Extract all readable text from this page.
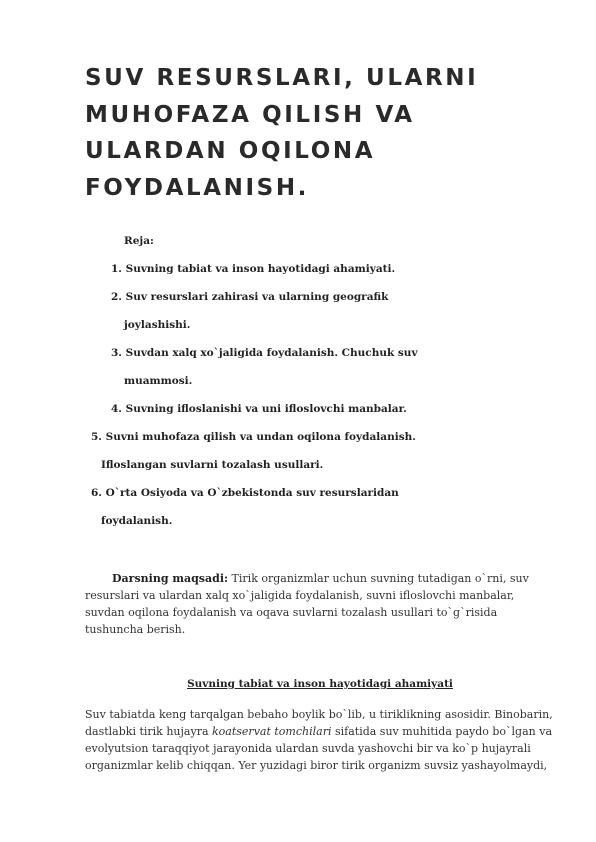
SUV RESURSLARI, ULARNI
MUHOFAZA QILISH VA
ULARDAN OQILONA
FOYDALANISH.
Reja:
1. Suvning tabiat va inson hayotidagi ahamiyati.
2. Suv resurslari zahirasi va ularning geografik
joylashishi.
3. Suvdan xalq xo`jaligida foydalanish. Chuchuk suv
muammosi.
4. Suvning ifloslanishi va uni ifloslovchi manbalar.
5. Suvni muhofaza qilish va undan oqilona foydalanish.
Ifloslangan suvlarni tozalash usullari.
6. O`rta Osiyoda va O`zbekistonda suv resurslaridan
foydalanish.
Darsning maqsadi: Tirik organizmlar uchun suvning tutadigan o`rni, suv resurslari va ulardan xalq xo`jaligida foydalanish, suvni ifloslovchi manbalar, suvdan oqilona foydalanish va oqava suvlarni tozalash usullari to`g`risida tushuncha berish.
Suvning tabiat va inson hayotidagi ahamiyati
Suv tabiatda keng tarqalgan bebaho boylik bo`lib, u tiriklikning asosidir. Binobarin, dastlabki tirik hujayra koatservat tomchilari sifatida suv muhitida paydo bo`lgan va evolyutsion taraqqiyot jarayonida ulardan suvda yashovchi bir va ko`p hujayrali organizmlar kelib chiqqan. Yer yuzidagi biror tirik organizm suvsiz yashayolmaydi,
